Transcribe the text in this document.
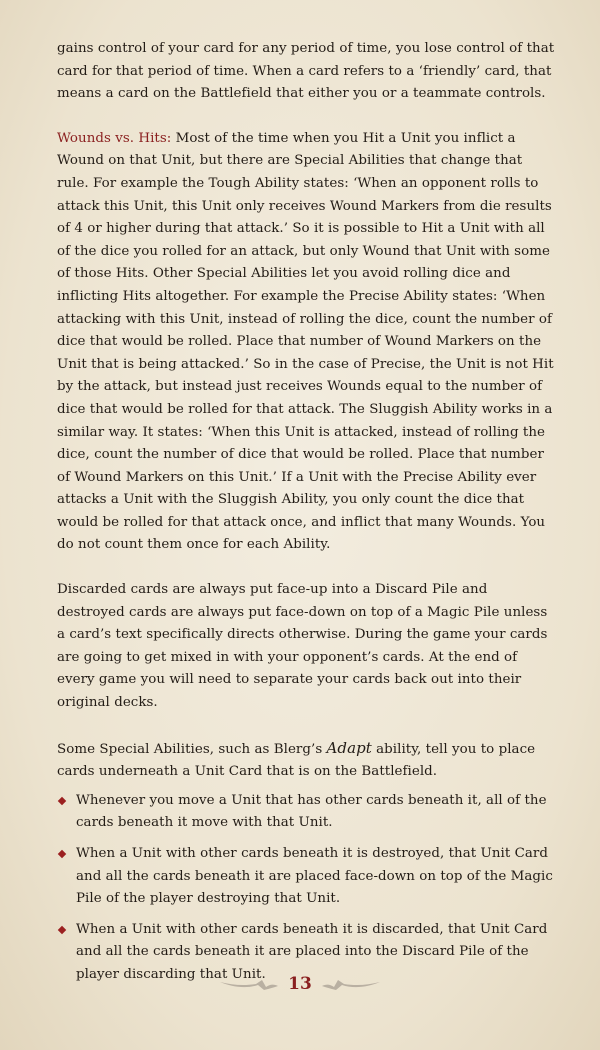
gains control of your card for any period of time, you lose control of that card for that period of time. When a card refers to a ‘friendly’ card, that means a card on the Battlefield that either you or a teammate controls.

Wounds vs. Hits: Most of the time when you Hit a Unit you inflict a Wound on that Unit, but there are Special Abilities that change that rule. For example the Tough Ability states: ‘When an opponent rolls to attack this Unit, this Unit only receives Wound Markers from die results of 4 or higher during that attack.’ So it is possible to Hit a Unit with all of the dice you rolled for an attack, but only Wound that Unit with some of those Hits. Other Special Abilities let you avoid rolling dice and inflicting Hits altogether. For example the Precise Ability states: ‘When attacking with this Unit, instead of rolling the dice, count the number of dice that would be rolled. Place that number of Wound Markers on the Unit that is being attacked.’ So in the case of Precise, the Unit is not Hit by the attack, but instead just receives Wounds equal to the number of dice that would be rolled for that attack. The Sluggish Ability works in a similar way. It states: ‘When this Unit is attacked, instead of rolling the dice, count the number of dice that would be rolled. Place that number of Wound Markers on this Unit.’ If a Unit with the Precise Ability ever attacks a Unit with the Sluggish Ability, you only count the dice that would be rolled for that attack once, and inflict that many Wounds. You do not count them once for each Ability.

Discarded cards are always put face-up into a Discard Pile and destroyed cards are always put face-down on top of a Magic Pile unless a card’s text specifically directs otherwise. During the game your cards are going to get mixed in with your opponent’s cards. At the end of every game you will need to separate your cards back out into their original decks.

Some Special Abilities, such as Blerg’s Adapt ability, tell you to place cards underneath a Unit Card that is on the Battlefield.

Whenever you move a Unit that has other cards beneath it, all of the cards beneath it move with that Unit.
When a Unit with other cards beneath it is destroyed, that Unit Card and all the cards beneath it are placed face-down on top of the Magic Pile of the player destroying that Unit.
When a Unit with other cards beneath it is discarded, that Unit Card and all the cards beneath it are placed into the Discard Pile of the player discarding that Unit.	13
